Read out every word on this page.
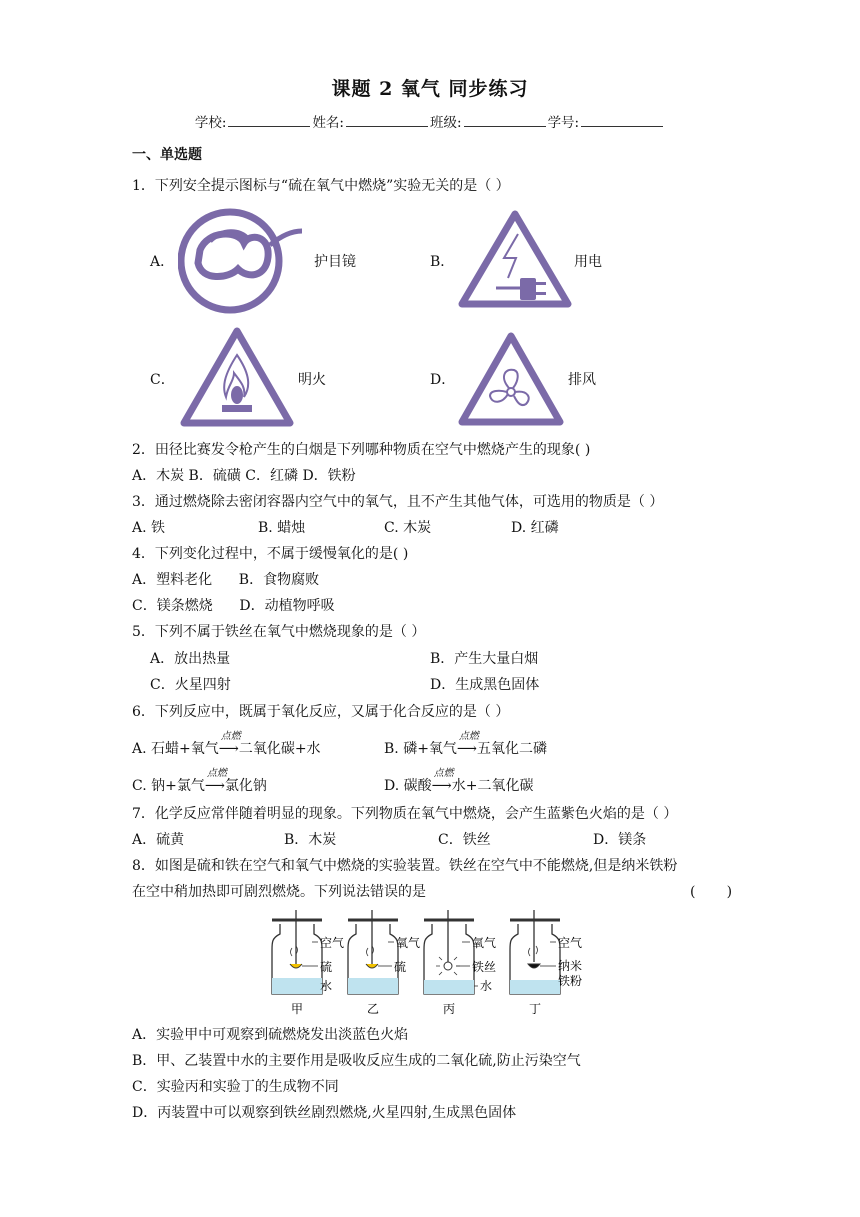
课题 2 氧气 同步练习
学校:	姓名:	班级:	学号:
一、单选题
1．下列安全提示图标与“硫在氧气中燃烧”实验无关的是（ ）
A．	护目镜	B．	用电
C．	明火	D．	排风
2．田径比赛发令枪产生的白烟是下列哪种物质在空气中燃烧产生的现象( )
A．木炭 B．硫磺 C．红磷 D．铁粉
3．通过燃烧除去密闭容器内空气中的氧气，且不产生其他气体，可选用的物质是（ ）
A. 铁	B. 蜡烛	C. 木炭	D. 红磷
4．下列变化过程中，不属于缓慢氧化的是( )
A．塑料老化      B．食物腐败
C．镁条燃烧      D．动植物呼吸
5．下列不属于铁丝在氧气中燃烧现象的是（ ）
A．放出热量	B．产生大量白烟
C．火星四射	D．生成黑色固体
6．下列反应中，既属于氧化反应，又属于化合反应的是（ ）
A. 石蜡+氧气
点燃
⟶二氧化碳+水	B. 磷+氧气
点燃
⟶五氧化二磷
C. 钠+氯气
点燃
⟶氯化钠	D. 碳酸
点燃
⟶水+二氧化碳
7．化学反应常伴随着明显的现象。下列物质在氧气中燃烧，会产生蓝紫色火焰的是（ ）
A．硫黄	B．木炭	C．铁丝	D．镁条
8．如图是硫和铁在空气和氧气中燃烧的实验装置。铁丝在空气中不能燃烧,但是纳米铁粉
在空中稍加热即可剧烈燃烧。下列说法错误的是	(       )
空气
硫
水
氧气
硫
氧气
铁丝
水
空气
纳米
铁粉
甲	乙	丙	丁
A．实验甲中可观察到硫燃烧发出淡蓝色火焰
B．甲、乙装置中水的主要作用是吸收反应生成的二氧化硫,防止污染空气
C．实验丙和实验丁的生成物不同
D．丙装置中可以观察到铁丝剧烈燃烧,火星四射,生成黑色固体
